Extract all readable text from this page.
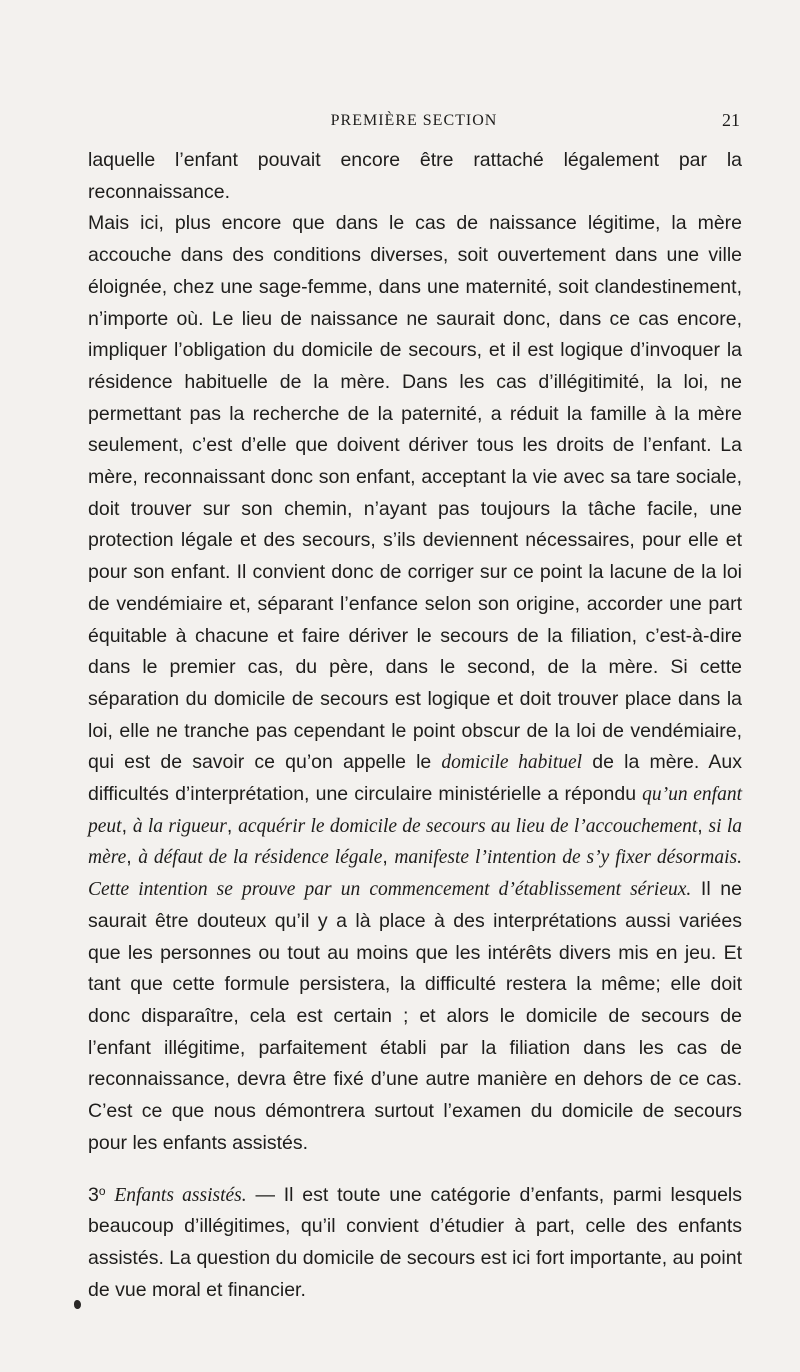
PREMIÈRE SECTION	21

laquelle l’enfant pouvait encore être rattaché légalement par la reconnaissance.

Mais ici, plus encore que dans le cas de naissance légitime, la mère accouche dans des conditions diverses, soit ouvertement dans une ville éloignée, chez une sage-femme, dans une maternité, soit clandestinement, n’importe où. Le lieu de naissance ne saurait donc, dans ce cas encore, impliquer l’obligation du domicile de secours, et il est logique d’invoquer la résidence habituelle de la mère. Dans les cas d’illégitimité, la loi, ne permettant pas la recherche de la paternité, a réduit la famille à la mère seulement, c’est d’elle que doivent dériver tous les droits de l’enfant. La mère, reconnaissant donc son enfant, acceptant la vie avec sa tare sociale, doit trouver sur son chemin, n’ayant pas toujours la tâche facile, une protection légale et des secours, s’ils deviennent nécessaires, pour elle et pour son enfant. Il convient donc de corriger sur ce point la lacune de la loi de vendémiaire et, séparant l’enfance selon son origine, accorder une part équitable à chacune et faire dériver le secours de la filiation, c’est-à-dire dans le premier cas, du père, dans le second, de la mère. Si cette séparation du domicile de secours est logique et doit trouver place dans la loi, elle ne tranche pas cependant le point obscur de la loi de vendémiaire, qui est de savoir ce qu’on appelle le domicile habituel de la mère. Aux difficultés d’interprétation, une circulaire ministérielle a répondu qu’un enfant peut, à la rigueur, acquérir le domicile de secours au lieu de l’accouchement, si la mère, à défaut de la résidence légale, manifeste l’intention de s’y fixer désormais. Cette intention se prouve par un commencement d’établissement sérieux. Il ne saurait être douteux qu’il y a là place à des interprétations aussi variées que les personnes ou tout au moins que les intérêts divers mis en jeu. Et tant que cette formule persistera, la difficulté restera la même; elle doit donc disparaître, cela est certain ; et alors le domicile de secours de l’enfant illégitime, parfaitement établi par la filiation dans les cas de reconnaissance, devra être fixé d’une autre manière en dehors de ce cas. C’est ce que nous démontrera surtout l’examen du domicile de secours pour les enfants assistés.

3$^o$ Enfants assistés. — Il est toute une catégorie d’enfants, parmi lesquels beaucoup d’illégitimes, qu’il convient d’étudier à part, celle des enfants assistés. La question du domicile de secours est ici fort importante, au point de vue moral et financier.
